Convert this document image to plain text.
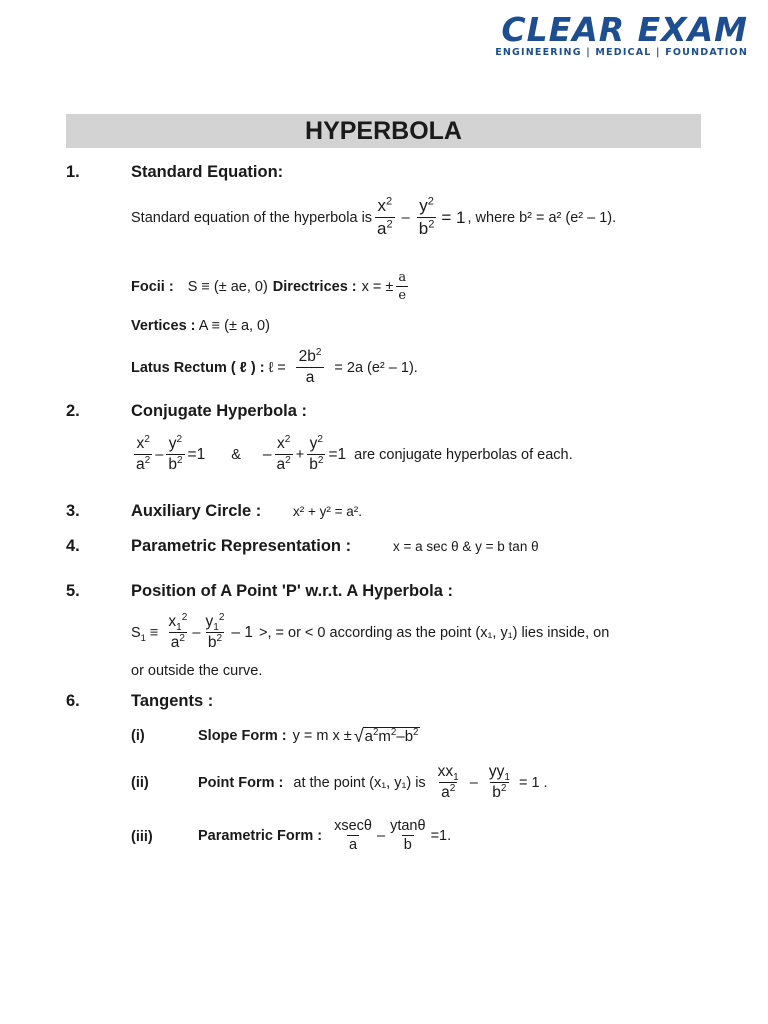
CLEAR EXAM
ENGINEERING | MEDICAL | FOUNDATION
HYPERBOLA
1.	Standard Equation:
Standard equation of the hyperbola is $\frac{x^2}{a^2} - \frac{y^2}{b^2} = 1$ , where b² = a² (e² – 1).
Focii : S ≡ (± ae, 0) Directrices : x = ± $\frac{a}{e}$
Vertices : A ≡ (± a, 0)
Latus Rectum ( ℓ ) : ℓ = $\frac{2b^2}{a} = 2a$ (e² – 1).
2.	Conjugate Hyperbola :
$\frac{x^2}{a^2} - \frac{y^2}{b^2} =1$ & – $\frac{x^2}{a^2} + \frac{y^2}{b^2} =1$ are conjugate hyperbolas of each.
3.	Auxiliary Circle : x² + y² = a².
4.	Parametric Representation :	x = a sec θ & y = b tan θ
5.	Position of A Point 'P' w.r.t. A Hyperbola :
$S_1 \equiv \frac{x_1^2}{a^2} - \frac{y_1^2}{b^2} - 1$ >, = or < 0 according as the point (x₁, y₁) lies inside, on
or outside the curve.
6.	Tangents :
(i)	Slope Form : y = m x ± √ $a^2m^2-b^2$
(ii)	Point Form : at the point (x₁, y₁) is $\frac{xx_1}{a^2} - \frac{yy_1}{b^2} = 1$ .
(iii)	Parametric Form : $\frac{xsec\theta}{a} - \frac{ytan\theta}{b} =1$.
